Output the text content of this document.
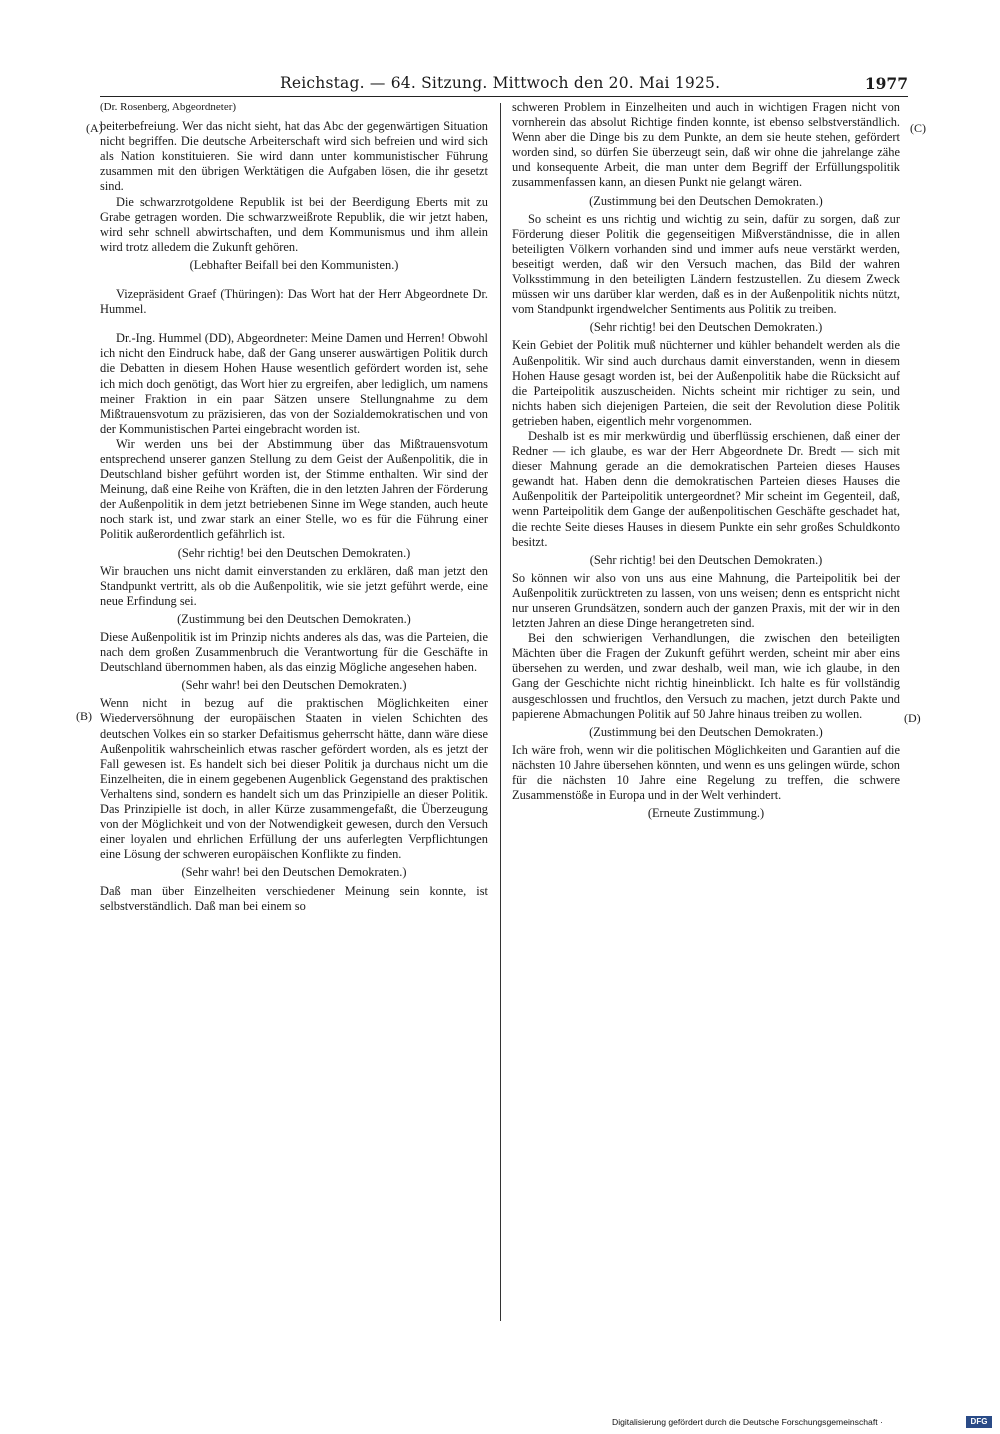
Reichstag. — 64. Sitzung. Mittwoch den 20. Mai 1925.	1977
(A)
(B)
(C)
(D)

(Dr. Rosenberg, Abgeordneter)

beiterbefreiung. Wer das nicht sieht, hat das Abc der gegenwärtigen Situation nicht begriffen. Die deutsche Arbeiterschaft wird sich befreien und wird sich als Nation konstituieren. Sie wird dann unter kommunistischer Führung zusammen mit den übrigen Werktätigen die Aufgaben lösen, die ihr gesetzt sind.

Die schwarzrotgoldene Republik ist bei der Beerdigung Eberts mit zu Grabe getragen worden. Die schwarzweißrote Republik, die wir jetzt haben, wird sehr schnell abwirtschaften, und dem Kommunismus und ihm allein wird trotz alledem die Zukunft gehören.

(Lebhafter Beifall bei den Kommunisten.)

Vizepräsident Graef (Thüringen): Das Wort hat der Herr Abgeordnete Dr. Hummel.

Dr.-Ing. Hummel (DD), Abgeordneter: Meine Damen und Herren! Obwohl ich nicht den Eindruck habe, daß der Gang unserer auswärtigen Politik durch die Debatten in diesem Hohen Hause wesentlich gefördert worden ist, sehe ich mich doch genötigt, das Wort hier zu ergreifen, aber lediglich, um namens meiner Fraktion in ein paar Sätzen unsere Stellungnahme zu dem Mißtrauensvotum zu präzisieren, das von der Sozialdemokratischen und von der Kommunistischen Partei eingebracht worden ist.

Wir werden uns bei der Abstimmung über das Mißtrauensvotum entsprechend unserer ganzen Stellung zu dem Geist der Außenpolitik, die in Deutschland bisher geführt worden ist, der Stimme enthalten. Wir sind der Meinung, daß eine Reihe von Kräften, die in den letzten Jahren der Förderung der Außenpolitik in dem jetzt betriebenen Sinne im Wege standen, auch heute noch stark ist, und zwar stark an einer Stelle, wo es für die Führung einer Politik außerordentlich gefährlich ist.

(Sehr richtig! bei den Deutschen Demokraten.)

Wir brauchen uns nicht damit einverstanden zu erklären, daß man jetzt den Standpunkt vertritt, als ob die Außenpolitik, wie sie jetzt geführt werde, eine neue Erfindung sei.

(Zustimmung bei den Deutschen Demokraten.)

Diese Außenpolitik ist im Prinzip nichts anderes als das, was die Parteien, die nach dem großen Zusammenbruch die Verantwortung für die Geschäfte in Deutschland übernommen haben, als das einzig Mögliche angesehen haben.

(Sehr wahr! bei den Deutschen Demokraten.)

Wenn nicht in bezug auf die praktischen Möglichkeiten einer Wiederversöhnung der europäischen Staaten in vielen Schichten des deutschen Volkes ein so starker Defaitismus geherrscht hätte, dann wäre diese Außenpolitik wahrscheinlich etwas rascher gefördert worden, als es jetzt der Fall gewesen ist. Es handelt sich bei dieser Politik ja durchaus nicht um die Einzelheiten, die in einem gegebenen Augenblick Gegenstand des praktischen Verhaltens sind, sondern es handelt sich um das Prinzipielle an dieser Politik. Das Prinzipielle ist doch, in aller Kürze zusammengefaßt, die Überzeugung von der Möglichkeit und von der Notwendigkeit gewesen, durch den Versuch einer loyalen und ehrlichen Erfüllung der uns auferlegten Verpflichtungen eine Lösung der schweren europäischen Konflikte zu finden.

(Sehr wahr! bei den Deutschen Demokraten.)

Daß man über Einzelheiten verschiedener Meinung sein konnte, ist selbstverständlich. Daß man bei einem so

schweren Problem in Einzelheiten und auch in wichtigen Fragen nicht von vornherein das absolut Richtige finden konnte, ist ebenso selbstverständlich. Wenn aber die Dinge bis zu dem Punkte, an dem sie heute stehen, gefördert worden sind, so dürfen Sie überzeugt sein, daß wir ohne die jahrelange zähe und konsequente Arbeit, die man unter dem Begriff der Erfüllungspolitik zusammenfassen kann, an diesen Punkt nie gelangt wären.

(Zustimmung bei den Deutschen Demokraten.)

So scheint es uns richtig und wichtig zu sein, dafür zu sorgen, daß zur Förderung dieser Politik die gegenseitigen Mißverständnisse, die in allen beteiligten Völkern vorhanden sind und immer aufs neue verstärkt werden, beseitigt werden, daß wir den Versuch machen, das Bild der wahren Volksstimmung in den beteiligten Ländern festzustellen. Zu diesem Zweck müssen wir uns darüber klar werden, daß es in der Außenpolitik nichts nützt, vom Standpunkt irgendwelcher Sentiments aus Politik zu treiben.

(Sehr richtig! bei den Deutschen Demokraten.)

Kein Gebiet der Politik muß nüchterner und kühler behandelt werden als die Außenpolitik. Wir sind auch durchaus damit einverstanden, wenn in diesem Hohen Hause gesagt worden ist, bei der Außenpolitik habe die Rücksicht auf die Parteipolitik auszuscheiden. Nichts scheint mir richtiger zu sein, und nichts haben sich diejenigen Parteien, die seit der Revolution diese Politik getrieben haben, eigentlich mehr vorgenommen.

Deshalb ist es mir merkwürdig und überflüssig erschienen, daß einer der Redner — ich glaube, es war der Herr Abgeordnete Dr. Bredt — sich mit dieser Mahnung gerade an die demokratischen Parteien dieses Hauses gewandt hat. Haben denn die demokratischen Parteien dieses Hauses die Außenpolitik der Parteipolitik untergeordnet? Mir scheint im Gegenteil, daß, wenn Parteipolitik dem Gange der außenpolitischen Geschäfte geschadet hat, die rechte Seite dieses Hauses in diesem Punkte ein sehr großes Schuldkonto besitzt.

(Sehr richtig! bei den Deutschen Demokraten.)

So können wir also von uns aus eine Mahnung, die Parteipolitik bei der Außenpolitik zurücktreten zu lassen, von uns weisen; denn es entspricht nicht nur unseren Grundsätzen, sondern auch der ganzen Praxis, mit der wir in den letzten Jahren an diese Dinge herangetreten sind.

Bei den schwierigen Verhandlungen, die zwischen den beteiligten Mächten über die Fragen der Zukunft geführt werden, scheint mir aber eins übersehen zu werden, und zwar deshalb, weil man, wie ich glaube, in den Gang der Geschichte nicht richtig hineinblickt. Ich halte es für vollständig ausgeschlossen und fruchtlos, den Versuch zu machen, jetzt durch Pakte und papierene Abmachungen Politik auf 50 Jahre hinaus treiben zu wollen.

(Zustimmung bei den Deutschen Demokraten.)

Ich wäre froh, wenn wir die politischen Möglichkeiten und Garantien auf die nächsten 10 Jahre übersehen könnten, und wenn es uns gelingen würde, schon für die nächsten 10 Jahre eine Regelung zu treffen, die schwere Zusammenstöße in Europa und in der Welt verhindert.

(Erneute Zustimmung.)

Digitalisierung gefördert durch die Deutsche Forschungsgemeinschaft ·	DFG
